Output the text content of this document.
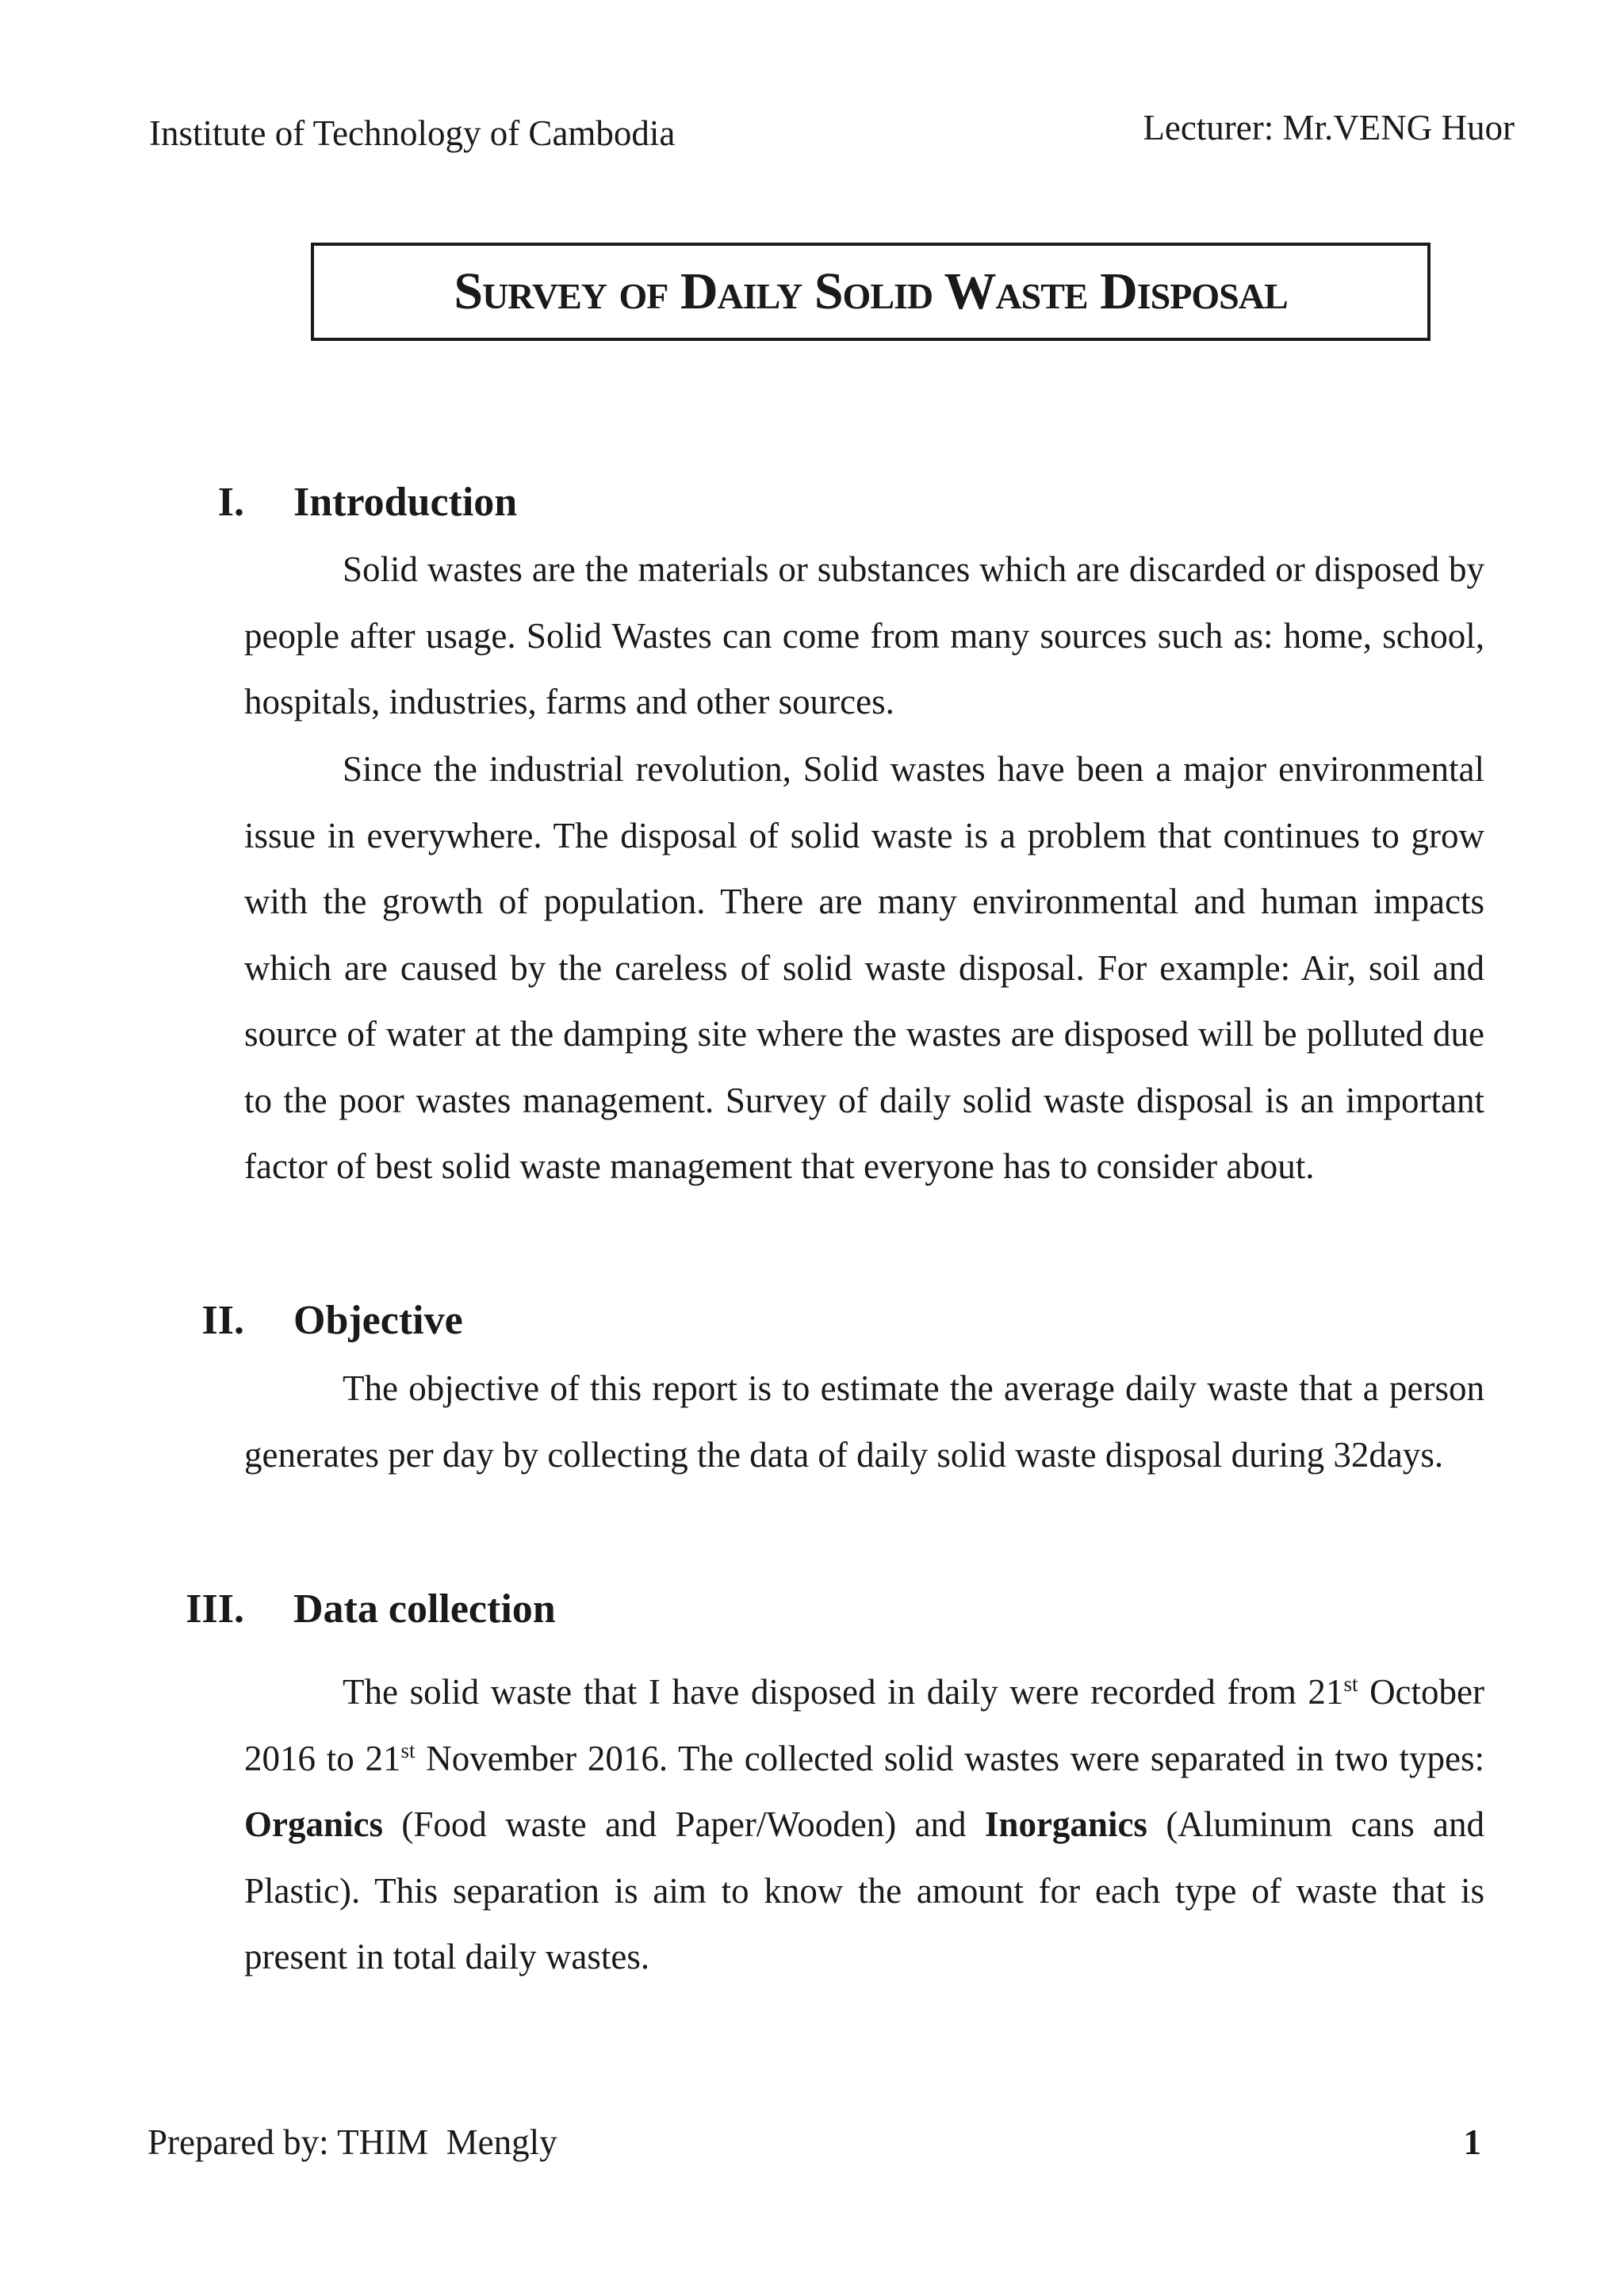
Institute of Technology of Cambodia	Lecturer: Mr.VENG Huor
Survey of Daily Solid Waste Disposal
I. Introduction

Solid wastes are the materials or substances which are discarded or disposed by people after usage. Solid Wastes can come from many sources such as: home, school, hospitals, industries, farms and other sources.

Since the industrial revolution, Solid wastes have been a major environmental issue in everywhere. The disposal of solid waste is a problem that continues to grow with the growth of population. There are many environmental and human impacts which are caused by the careless of solid waste disposal. For example: Air, soil and source of water at the damping site where the wastes are disposed will be polluted due to the poor wastes management. Survey of daily solid waste disposal is an important factor of best solid waste management that everyone has to consider about.

II. Objective

The objective of this report is to estimate the average daily waste that a person generates per day by collecting the data of daily solid waste disposal during 32days.

III. Data collection

The solid waste that I have disposed in daily were recorded from 21st October 2016 to 21st November 2016. The collected solid wastes were separated in two types: Organics (Food waste and Paper/Wooden) and Inorganics (Aluminum cans and Plastic). This separation is aim to know the amount for each type of waste that is present in total daily wastes.

Prepared by: THIM  Mengly	1
